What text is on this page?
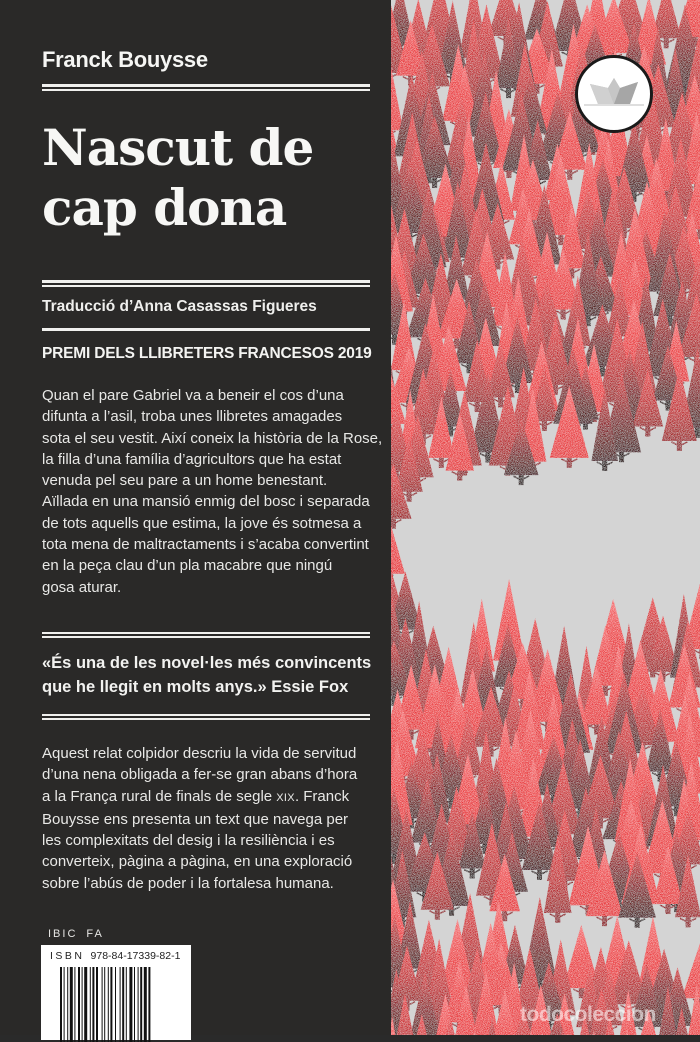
Franck Bouysse
Nascut de
cap dona
Traducció d’Anna Casassas Figueres
PREMI DELS LLIBRETERS FRANCESOS 2019
Quan el pare Gabriel va a beneir el cos d’una
difunta a l’asil, troba unes llibretes amagades
sota el seu vestit. Així coneix la història de la Rose,
la filla d’una família d’agricultors que ha estat
venuda pel seu pare a un home benestant.
Aïllada en una mansió enmig del bosc i separada
de tots aquells que estima, la jove és sotmesa a
tota mena de maltractaments i s’acaba convertint
en la peça clau d’un pla macabre que ningú
gosa aturar.
«És una de les novel·les més convincents
que he llegit en molts anys.» Essie Fox
Aquest relat colpidor descriu la vida de servitud
d’una nena obligada a fer-se gran abans d’hora
a la França rural de finals de segle XIX. Franck
Bouysse ens presenta un text que navega per
les complexitats del desig i la resiliència i es
converteix, pàgina a pàgina, en una exploració
sobre l’abús de poder i la fortalesa humana.
IBIC FA
ISBN 978-84-17339-82-1
todocoleccion
